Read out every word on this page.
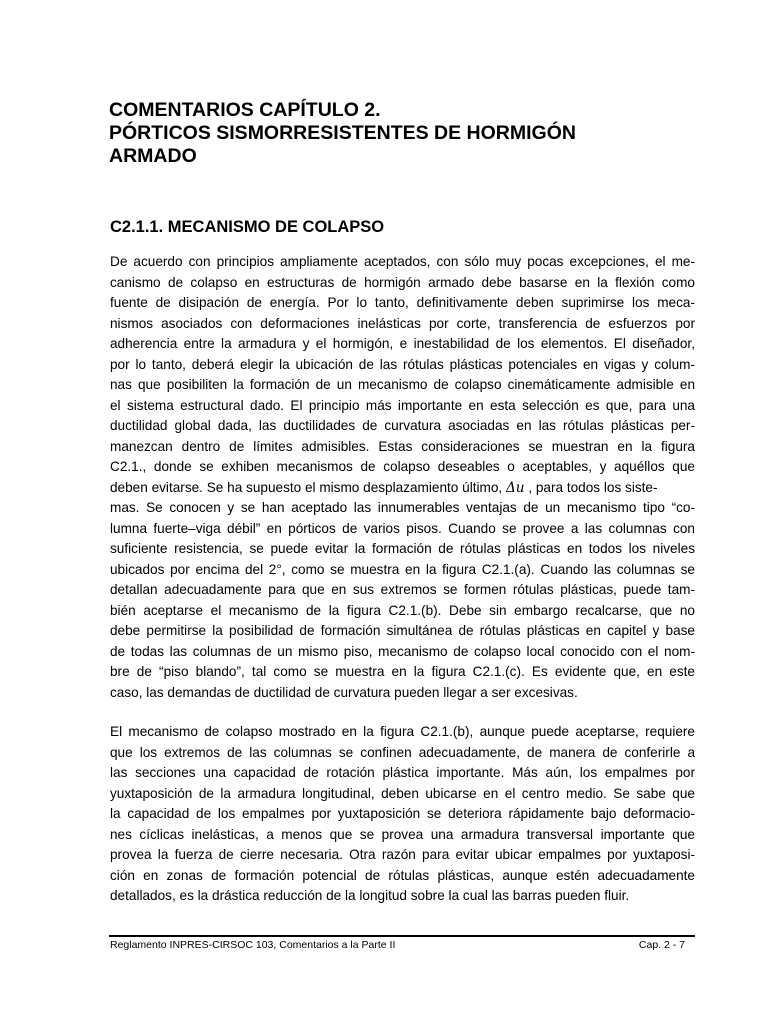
COMENTARIOS CAPÍTULO 2.
PÓRTICOS SISMORRESISTENTES DE HORMIGÓN
ARMADO
C2.1.1. MECANISMO DE COLAPSO
De acuerdo con principios ampliamente aceptados, con sólo muy pocas excepciones, el me-
canismo de colapso en estructuras de hormigón armado debe basarse en la flexión como
fuente de disipación de energía. Por lo tanto, definitivamente deben suprimirse los meca-
nismos asociados con deformaciones inelásticas por corte, transferencia de esfuerzos por
adherencia entre la armadura y el hormigón, e inestabilidad de los elementos. El diseñador,
por lo tanto, deberá elegir la ubicación de las rótulas plásticas potenciales en vigas y colum-
nas que posibiliten la formación de un mecanismo de colapso cinemáticamente admisible en
el sistema estructural dado. El principio más importante en esta selección es que, para una
ductilidad global dada, las ductilidades de curvatura asociadas en las rótulas plásticas per-
manezcan dentro de límites admisibles. Estas consideraciones se muestran en la figura
C2.1., donde se exhiben mecanismos de colapso deseables o aceptables, y aquéllos que
deben evitarse. Se ha supuesto el mismo desplazamiento último, Δu , para todos los siste-
mas. Se conocen y se han aceptado las innumerables ventajas de un mecanismo tipo “co-
lumna fuerte–viga débil” en pórticos de varios pisos. Cuando se provee a las columnas con
suficiente resistencia, se puede evitar la formación de rótulas plásticas en todos los niveles
ubicados por encima del 2°, como se muestra en la figura C2.1.(a). Cuando las columnas se
detallan adecuadamente para que en sus extremos se formen rótulas plásticas, puede tam-
bién aceptarse el mecanismo de la figura C2.1.(b). Debe sin embargo recalcarse, que no
debe permitirse la posibilidad de formación simultánea de rótulas plásticas en capitel y base
de todas las columnas de un mismo piso, mecanismo de colapso local conocido con el nom-
bre de “piso blando”, tal como se muestra en la figura C2.1.(c). Es evidente que, en este
caso, las demandas de ductilidad de curvatura pueden llegar a ser excesivas.
El mecanismo de colapso mostrado en la figura C2.1.(b), aunque puede aceptarse, requiere
que los extremos de las columnas se confinen adecuadamente, de manera de conferirle a
las secciones una capacidad de rotación plástica importante. Más aún, los empalmes por
yuxtaposición de la armadura longitudinal, deben ubicarse en el centro medio. Se sabe que
la capacidad de los empalmes por yuxtaposición se deteriora rápidamente bajo deformacio-
nes cíclicas inelásticas, a menos que se provea una armadura transversal importante que
provea la fuerza de cierre necesaria. Otra razón para evitar ubicar empalmes por yuxtaposi-
ción en zonas de formación potencial de rótulas plásticas, aunque estén adecuadamente
detallados, es la drástica reducción de la longitud sobre la cual las barras pueden fluir.
Reglamento INPRES-CIRSOC 103, Comentarios a la Parte II	Cap. 2 - 7
